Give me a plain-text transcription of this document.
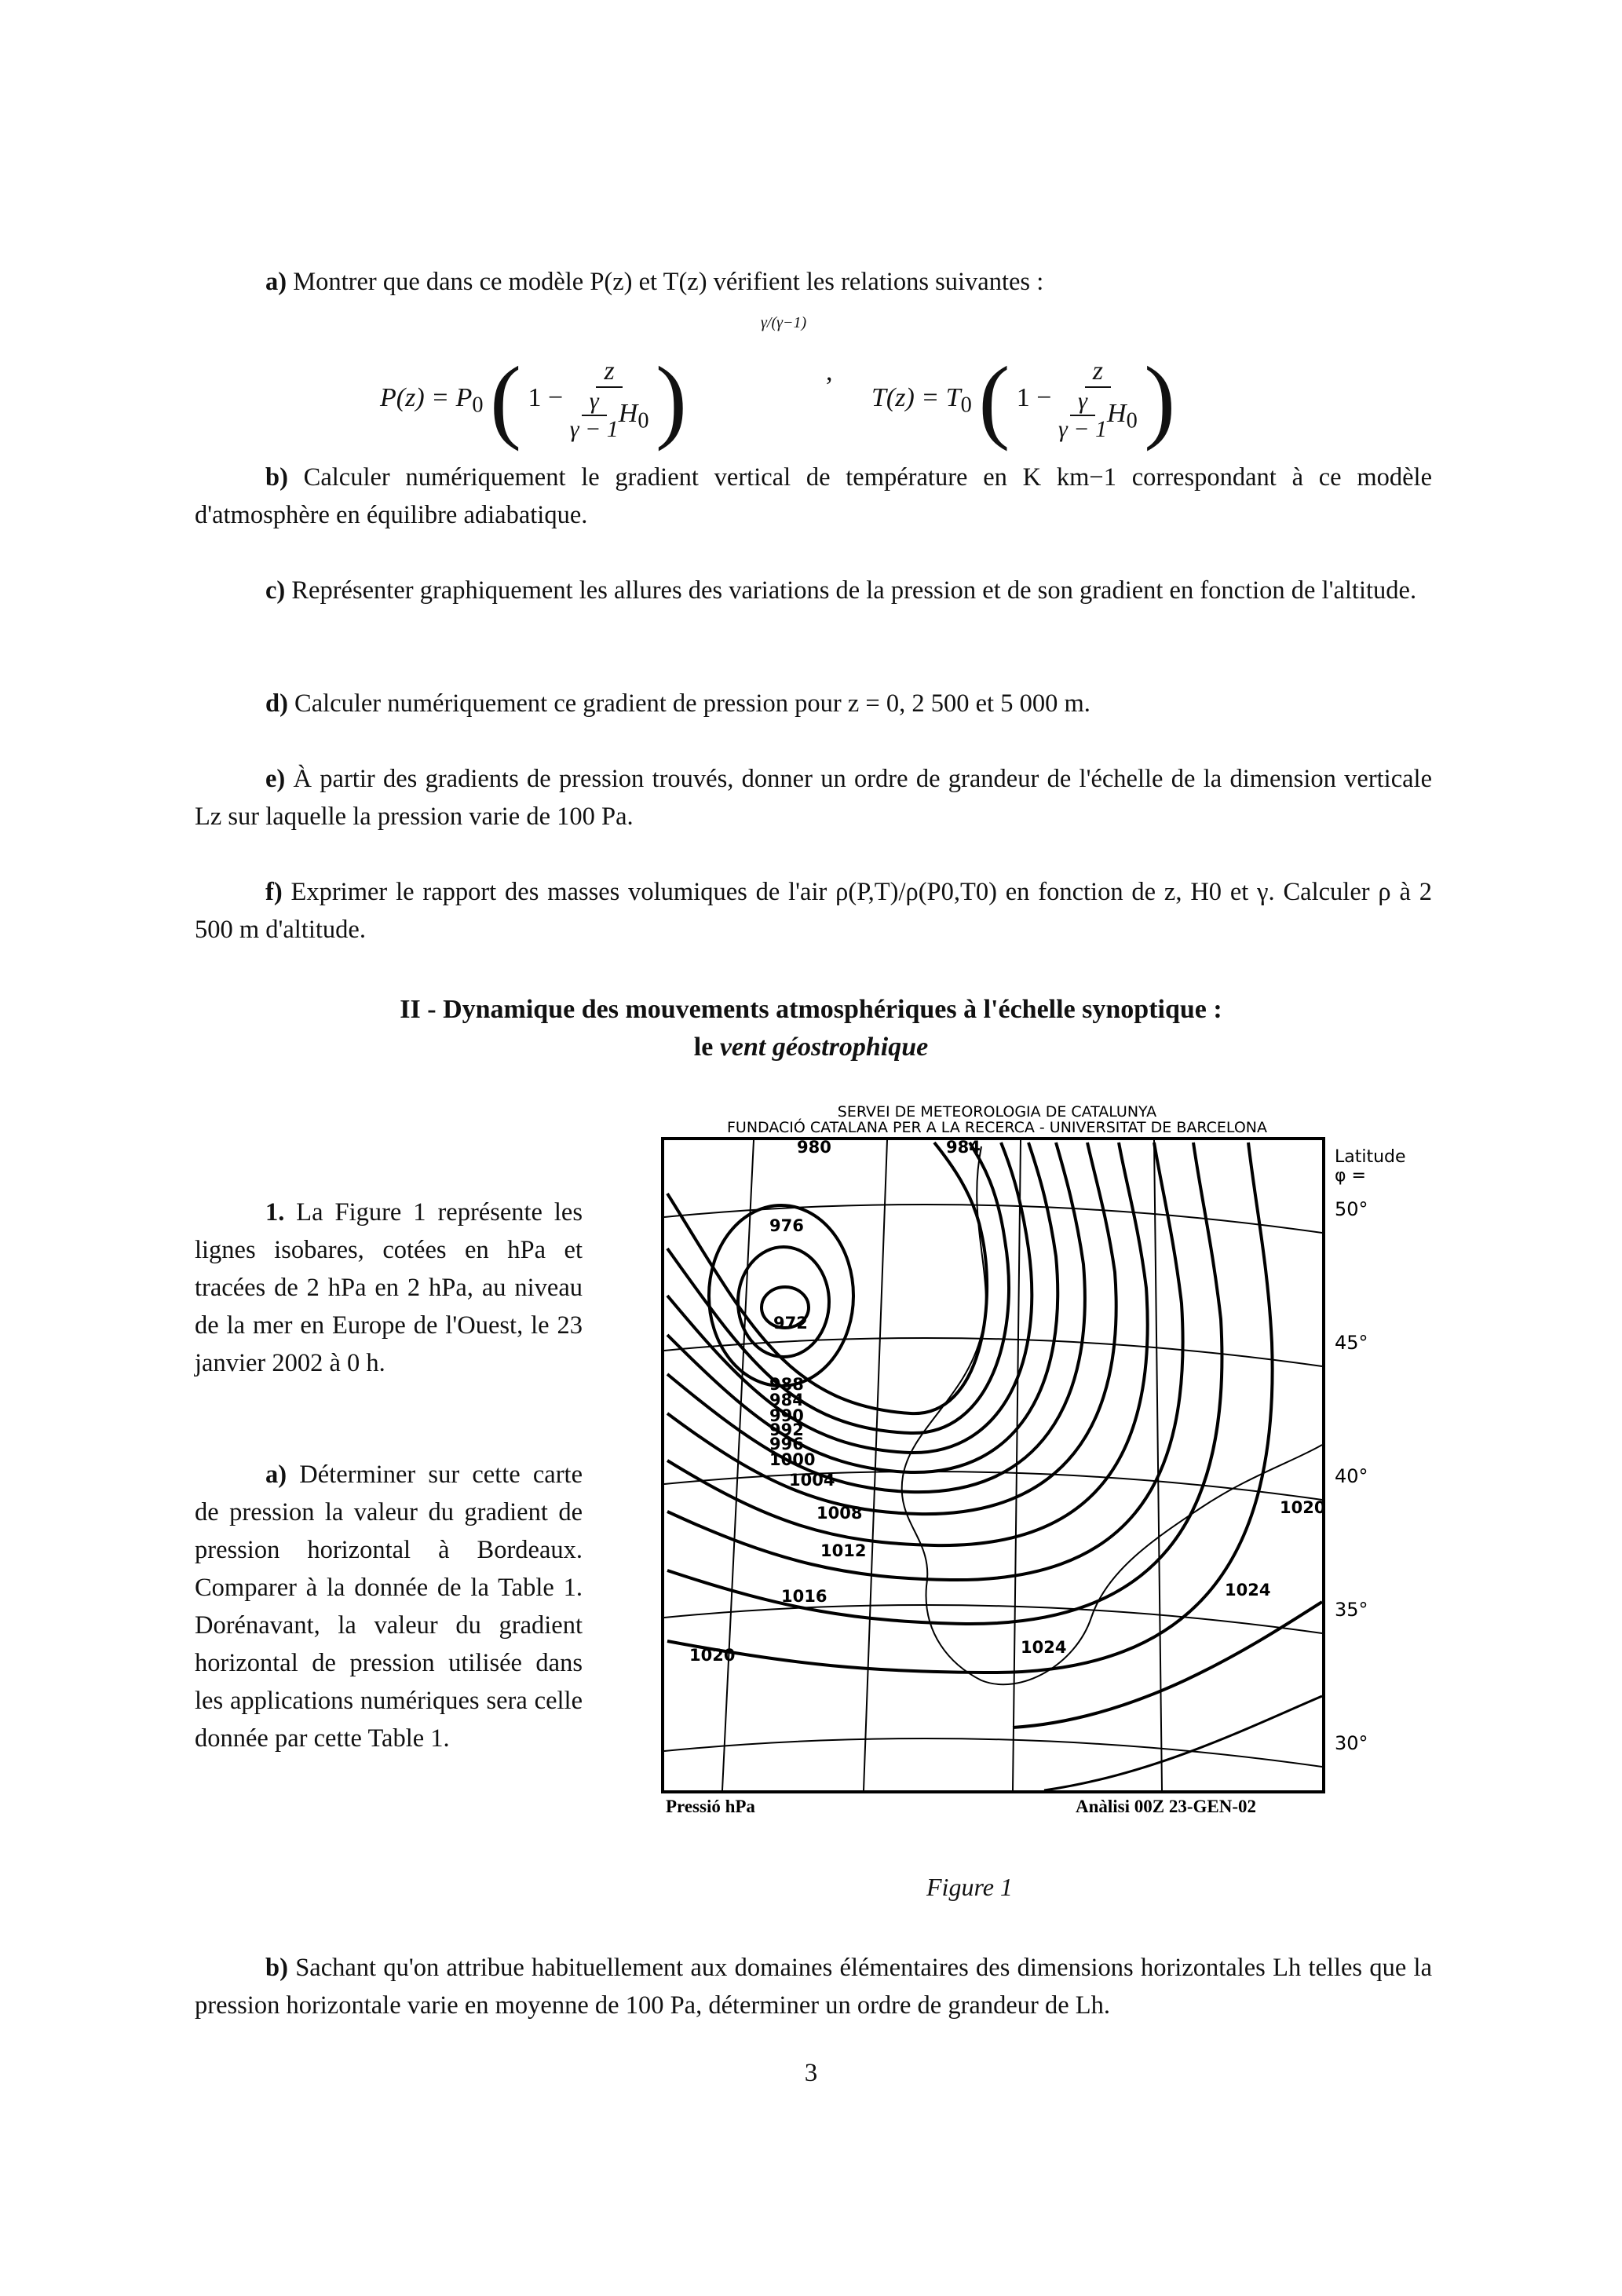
a) Montrer que dans ce modèle P(z) et T(z) vérifient les relations suivantes :
$P(z) = P_0$ ( $1 - \frac{z}{\frac{\gamma}{\gamma - 1} H_0}$ )
γ/(γ−1)
,
$T(z) = T_0$ ( $1 - \frac{z}{\frac{\gamma}{\gamma - 1} H_0}$ )
b) Calculer numériquement le gradient vertical de température en K km−1 correspondant à ce modèle d'atmosphère en équilibre adiabatique.
c) Représenter graphiquement les allures des variations de la pression et de son gradient en fonction de l'altitude.
d) Calculer numériquement ce gradient de pression pour z = 0, 2 500 et 5 000 m.
e) À partir des gradients de pression trouvés, donner un ordre de grandeur de l'échelle de la dimension verticale Lz sur laquelle la pression varie de 100 Pa.
f) Exprimer le rapport des masses volumiques de l'air ρ(P,T)/ρ(P0,T0) en fonction de z, H0 et γ. Calculer ρ à 2 500 m d'altitude.
II - Dynamique des mouvements atmosphériques à l'échelle synoptique :
le vent géostrophique
1. La Figure 1 représente les lignes isobares, cotées en hPa et tracées de 2 hPa en 2 hPa, au niveau de la mer en Europe de l'Ouest, le 23 janvier 2002 à 0 h.
a) Déterminer sur cette carte de pression la valeur du gradient de pression horizontal à Bordeaux. Comparer à la donnée de la Table 1. Dorénavant, la valeur du gradient horizontal de pression utilisée dans les applications numériques sera celle donnée par cette Table 1.
SERVEI DE METEOROLOGIA DE CATALUNYA
FUNDACIÓ CATALANA PER A LA RECERCA - UNIVERSITAT DE BARCELONA
980
976
972
988
984
990
992
996
1000
1004
1008
1012
1016
1020	1024
1024
1020
984	Latitude
φ =
50°
45°
40°
35°
30°
Pressió hPa	Anàlisi 00Z 23-GEN-02
Figure 1
b) Sachant qu'on attribue habituellement aux domaines élémentaires des dimensions horizontales Lh telles que la pression horizontale varie en moyenne de 100 Pa, déterminer un ordre de grandeur de Lh.
3
